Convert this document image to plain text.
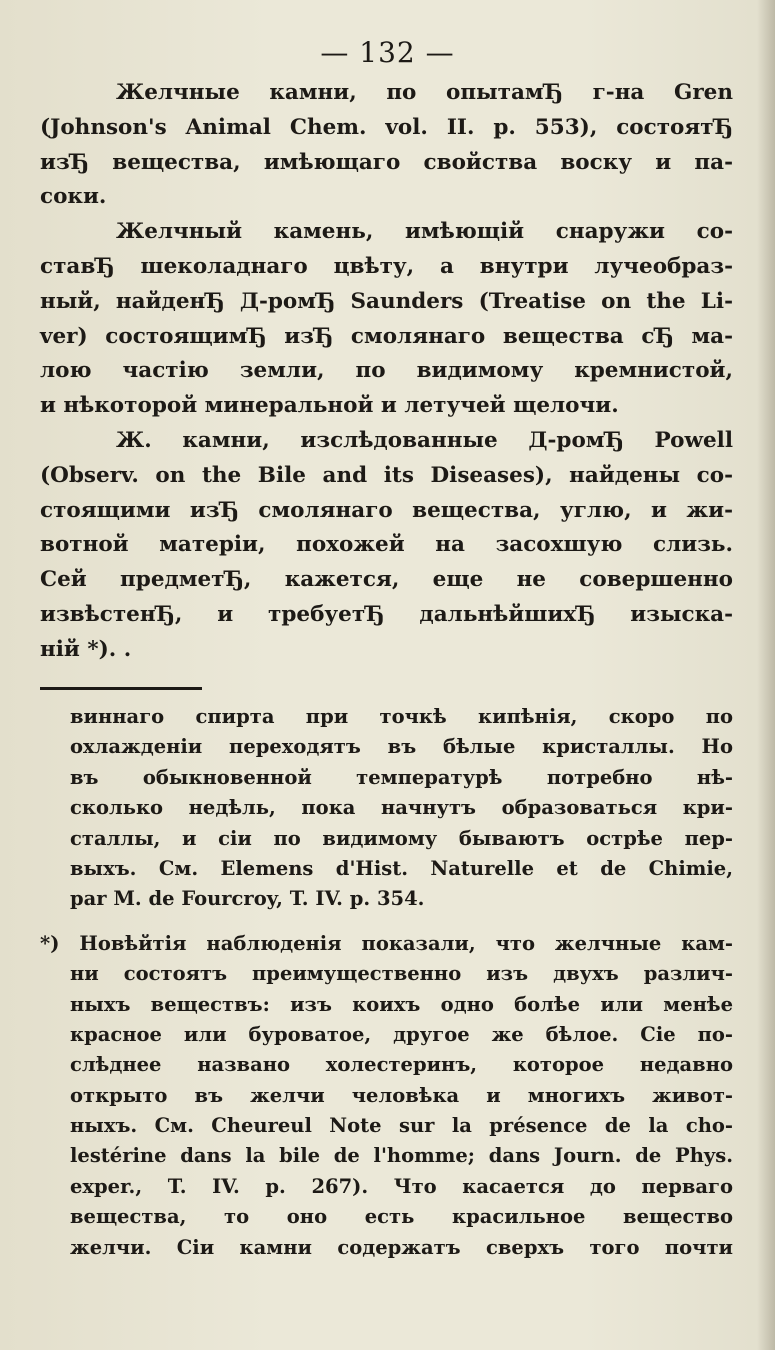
— 132 —
Желчные камни, по опытамЂ г-на Gren
(Johnson's Animal Chem. vol. II. p. 553), состоятЂ
изЂ вещества, имѣющаго свойства воску и па-
соки.
Желчный камень, имѣющій снаружи со-
ставЂ шеколаднаго цвѣту, а внутри лучеобраз-
ный, найденЂ Д-ромЂ Saunders (Treatise on the Li-
ver) состоящимЂ изЂ смолянаго вещества сЂ ма-
лою частію земли, по видимому кремнистой,
и нѣкоторой минеральной и летучей щелочи.
Ж. камни, изслѣдованные Д-ромЂ Powell
(Observ. on the Bile and its Diseases), найдены со-
стоящими изЂ смолянаго вещества, углю, и жи-
вотной матеріи, похожей на засохшую слизь.
Сей предметЂ, кажется, еще не совершенно
извѣстенЂ, и требуетЂ дальнѣйшихЂ изыска-
ній *). .
виннаго спирта при точкѣ кипѣнія, скоро по
охлажденіи переходятъ въ бѣлые кристаллы. Но
въ обыкновенной температурѣ потребно нѣ-
сколько недѣль, пока начнутъ образоваться кри-
сталлы, и сіи по видимому бываютъ острѣе пер-
выхъ. См. Elemens d'Hist. Naturelle et de Chimie,
par M. de Fourcroy, T. IV. p. 354.
*) Новѣйтія наблюденія показали, что желчные кам-
ни состоятъ преимущественно изъ двухъ различ-
ныхъ веществъ: изъ коихъ одно болѣе или менѣе
красное или буроватое, другое же бѣлое. Сіе по-
слѣднее названо холестеринъ, которое недавно
открыто въ желчи человѣка и многихъ живот-
ныхъ. См. Cheureul Note sur la présence de la cho-
lestérine dans la bile de l'homme; dans Journ. de Phys.
exper., T. IV. p. 267). Что касается до перваго
вещества, то оно есть красильное вещество
желчи. Сіи камни содержатъ сверхъ того почти
